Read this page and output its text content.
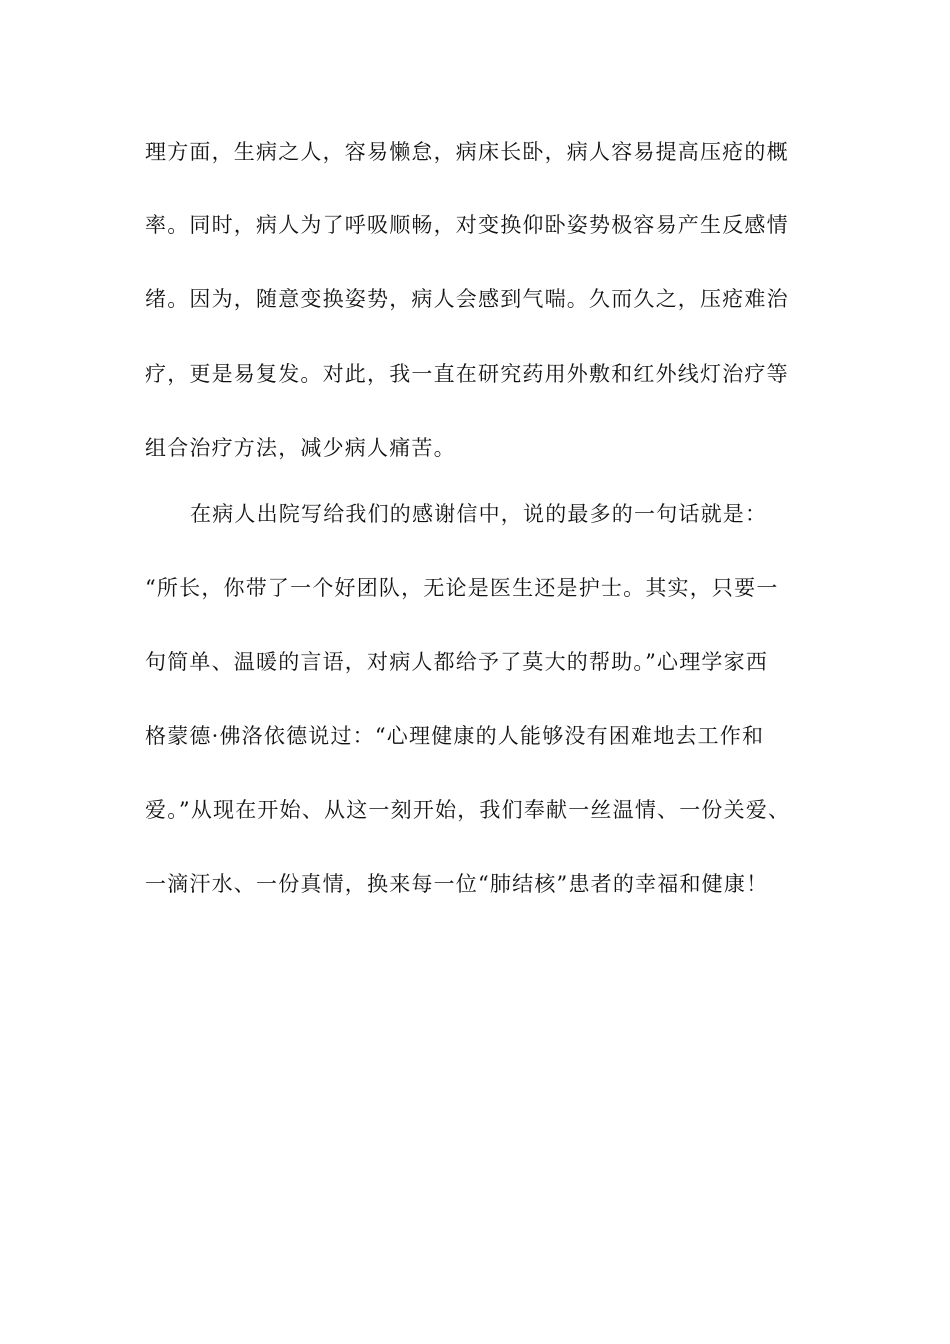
理方面，生病之人，容易懒怠，病床长卧，病人容易提高压疮的概
率。同时，病人为了呼吸顺畅，对变换仰卧姿势极容易产生反感情
绪。因为，随意变换姿势，病人会感到气喘。久而久之，压疮难治
疗，更是易复发。对此，我一直在研究药用外敷和红外线灯治疗等
组合治疗方法，减少病人痛苦。
在病人出院写给我们的感谢信中，说的最多的一句话就是：
“所长，你带了一个好团队，无论是医生还是护士。其实，只要一
句简单、温暖的言语，对病人都给予了莫大的帮助。”心理学家西
格蒙德·佛洛依德说过：“心理健康的人能够没有困难地去工作和
爱。”从现在开始、从这一刻开始，我们奉献一丝温情、一份关爱、
一滴汗水、一份真情，换来每一位“肺结核”患者的幸福和健康！
